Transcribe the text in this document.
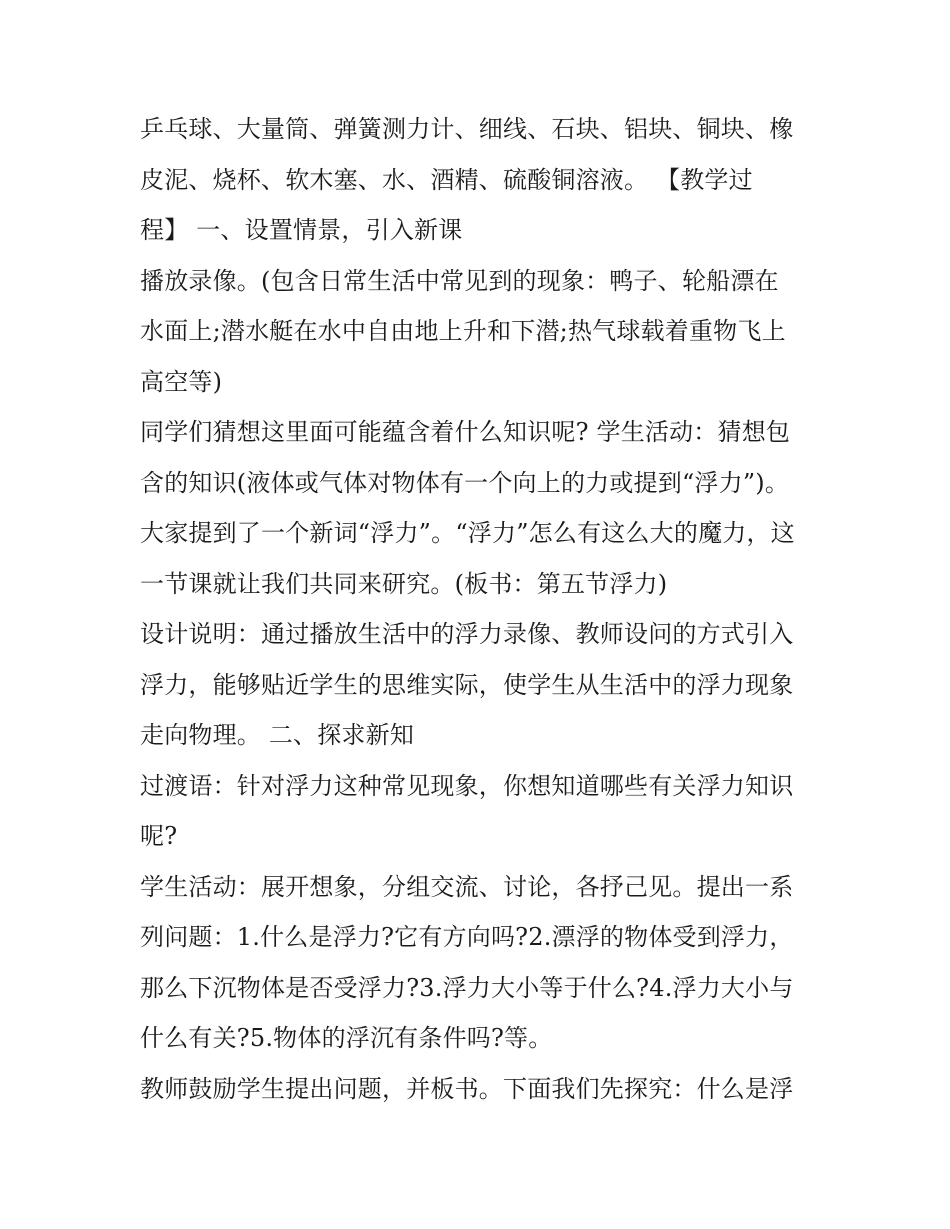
乒乓球、大量筒、弹簧测力计、细线、石块、铝块、铜块、橡
皮泥、烧杯、软木塞、水、酒精、硫酸铜溶液。 【教学过
程】 一、设置情景，引入新课
播放录像。(包含日常生活中常见到的现象：鸭子、轮船漂在
水面上;潜水艇在水中自由地上升和下潜;热气球载着重物飞上
高空等)
同学们猜想这里面可能蕴含着什么知识呢? 学生活动：猜想包
含的知识(液体或气体对物体有一个向上的力或提到“浮力”)。
大家提到了一个新词“浮力”。“浮力”怎么有这么大的魔力，这
一节课就让我们共同来研究。(板书：第五节浮力)
设计说明：通过播放生活中的浮力录像、教师设问的方式引入
浮力，能够贴近学生的思维实际，使学生从生活中的浮力现象
走向物理。 二、探求新知
过渡语：针对浮力这种常见现象，你想知道哪些有关浮力知识
呢?
学生活动：展开想象，分组交流、讨论，各抒己见。提出一系
列问题：1.什么是浮力?它有方向吗?2.漂浮的物体受到浮力，
那么下沉物体是否受浮力?3.浮力大小等于什么?4.浮力大小与
什么有关?5.物体的浮沉有条件吗?等。
教师鼓励学生提出问题，并板书。下面我们先探究：什么是浮
